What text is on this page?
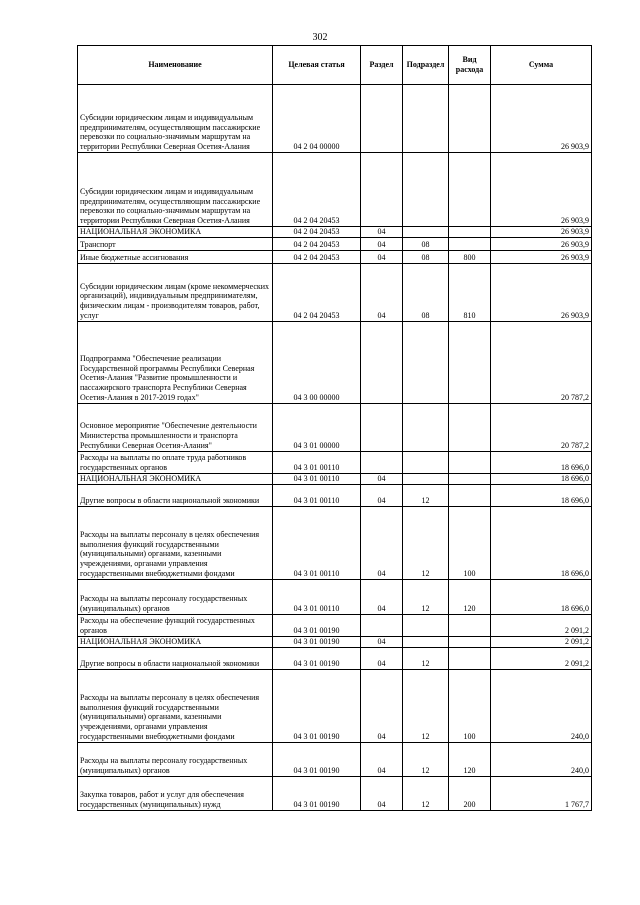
302
Наименование	Целевая статья	Раздел	Подраздел	Вид расхода	Сумма
Субсидии юридическим лицам и индивидуальным предпринимателям, осуществляющим пассажирские перевозки по социально-значимым маршрутам на территории Республики Северная Осетия-Алания	04 2 04 00000				26 903,9
Субсидии юридическим лицам и индивидуальным предпринимателям, осуществляющим пассажирские перевозки по социально-значимым маршрутам на территории Республики Северная Осетия-Алания	04 2 04 20453				26 903,9
НАЦИОНАЛЬНАЯ ЭКОНОМИКА	04 2 04 20453	04			26 903,9
Транспорт	04 2 04 20453	04	08		26 903,9
Иные бюджетные ассигнования	04 2 04 20453	04	08	800	26 903,9
Субсидии юридическим лицам (кроме некоммерческих организаций), индивидуальным предпринимателям, физическим лицам - производителям товаров, работ, услуг	04 2 04 20453	04	08	810	26 903,9
Подпрограмма "Обеспечение реализации Государственной программы Республики Северная Осетия-Алания "Развитие промышленности и пассажирского транспорта Республики Северная Осетия-Алания в 2017-2019 годах"	04 3 00 00000				20 787,2
Основное мероприятие "Обеспечение деятельности Министерства промышленности и транспорта Республики Северная Осетия-Алания"	04 3 01 00000				20 787,2
Расходы на выплаты по оплате труда работников государственных органов	04 3 01 00110				18 696,0
НАЦИОНАЛЬНАЯ ЭКОНОМИКА	04 3 01 00110	04			18 696,0
Другие вопросы в области национальной экономики	04 3 01 00110	04	12		18 696,0
Расходы на выплаты персоналу в целях обеспечения выполнения функций государственными (муниципальными) органами, казенными учреждениями, органами управления государственными внебюджетными фондами	04 3 01 00110	04	12	100	18 696,0
Расходы на выплаты персоналу государственных (муниципальных) органов	04 3 01 00110	04	12	120	18 696,0
Расходы на обеспечение функций государственных органов	04 3 01 00190				2 091,2
НАЦИОНАЛЬНАЯ ЭКОНОМИКА	04 3 01 00190	04			2 091,2
Другие вопросы в области национальной экономики	04 3 01 00190	04	12		2 091,2
Расходы на выплаты персоналу в целях обеспечения выполнения функций государственными (муниципальными) органами, казенными учреждениями, органами управления государственными внебюджетными фондами	04 3 01 00190	04	12	100	240,0
Расходы на выплаты персоналу государственных (муниципальных) органов	04 3 01 00190	04	12	120	240,0
Закупка товаров, работ и услуг для обеспечения государственных (муниципальных) нужд	04 3 01 00190	04	12	200	1 767,7
